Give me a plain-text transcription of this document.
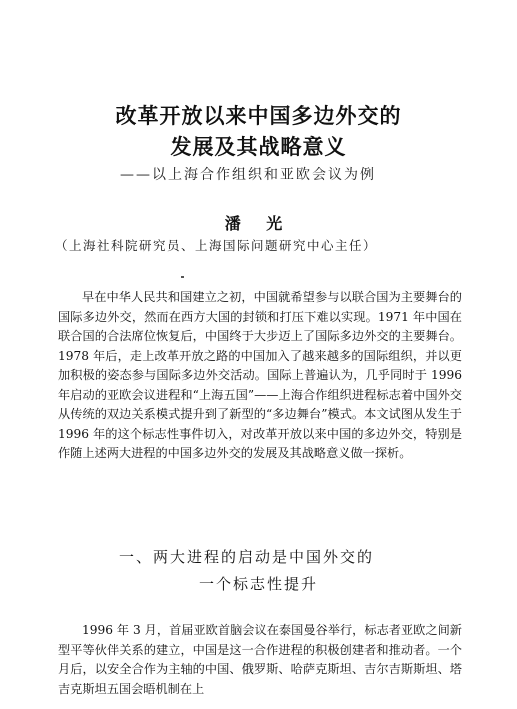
改革开放以来中国多边外交的
发展及其战略意义

——以上海合作组织和亚欧会议为例

潘 光

（上海社科院研究员、上海国际问题研究中心主任）

早在中华人民共和国建立之初，中国就希望参与以联合国为主要舞台的国际多边外交，然而在西方大国的封锁和打压下难以实现。1971 年中国在联合国的合法席位恢复后，中国终于大步迈上了国际多边外交的主要舞台。1978 年后，走上改革开放之路的中国加入了越来越多的国际组织，并以更加积极的姿态参与国际多边外交活动。国际上普遍认为，几乎同时于 1996 年启动的亚欧会议进程和“上海五国”——上海合作组织进程标志着中国外交从传统的双边关系模式提升到了新型的“多边舞台”模式。本文试图从发生于 1996 年的这个标志性事件切入，对改革开放以来中国的多边外交，特别是作随上述两大进程的中国多边外交的发展及其战略意义做一探析。

一、两大进程的启动是中国外交的

一个标志性提升

1996 年 3 月，首届亚欧首脑会议在泰国曼谷举行，标志者亚欧之间新型平等伙伴关系的建立，中国是这一合作进程的积极创建者和推动者。一个月后，以安全合作为主轴的中国、俄罗斯、哈萨克斯坦、吉尔吉斯斯坦、塔吉克斯坦五国会晤机制在上
